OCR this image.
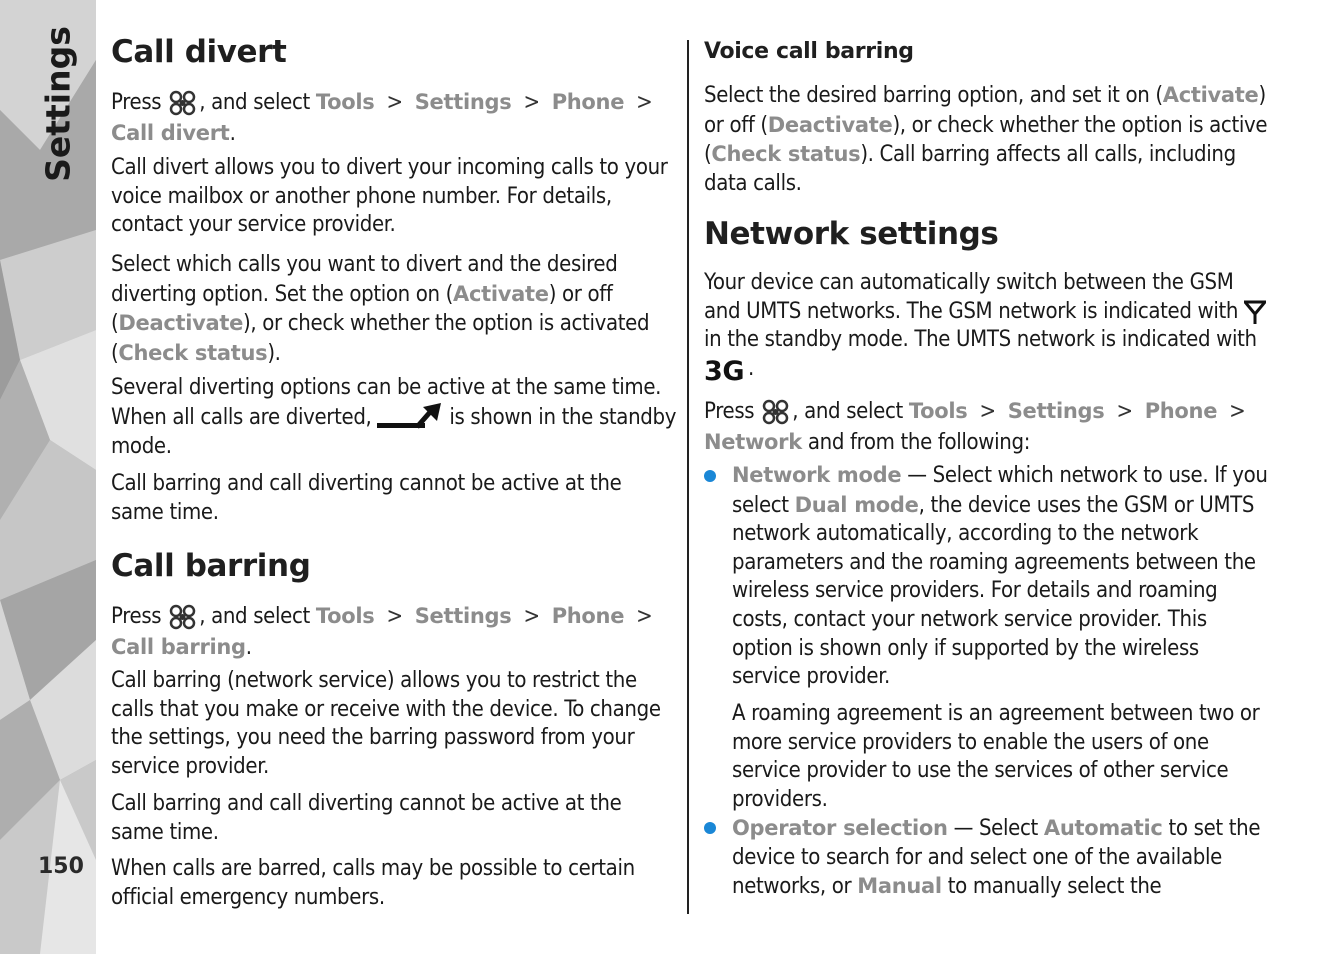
Settings
150
Call divert
Press , and select Tools > Settings > Phone >
Call divert.
Call divert allows you to divert your incoming calls to your voice mailbox or another phone number. For details, contact your service provider.
Select which calls you want to divert and the desired diverting option. Set the option on (Activate) or off (Deactivate), or check whether the option is activated (Check status).
Several diverting options can be active at the same time. When all calls are diverted,	is shown in the standby mode.
Call barring and call diverting cannot be active at the same time.
Call barring
Press , and select Tools > Settings > Phone >
Call barring.
Call barring (network service) allows you to restrict the calls that you make or receive with the device. To change the settings, you need the barring password from your service provider.
Call barring and call diverting cannot be active at the same time.
When calls are barred, calls may be possible to certain official emergency numbers.
Voice call barring
Select the desired barring option, and set it on (Activate) or off (Deactivate), or check whether the option is active (Check status). Call barring affects all calls, including data calls.
Network settings
Your device can automatically switch between the GSM and UMTS networks. The GSM network is indicated with in the standby mode. The UMTS network is indicated with
3G .
Press , and select Tools > Settings > Phone >
Network and from the following:
Network mode — Select which network to use. If you select Dual mode, the device uses the GSM or UMTS network automatically, according to the network parameters and the roaming agreements between the wireless service providers. For details and roaming costs, contact your network service provider. This option is shown only if supported by the wireless service provider.
A roaming agreement is an agreement between two or more service providers to enable the users of one service provider to use the services of other service providers.
Operator selection — Select Automatic to set the device to search for and select one of the available networks, or Manual to manually select the
